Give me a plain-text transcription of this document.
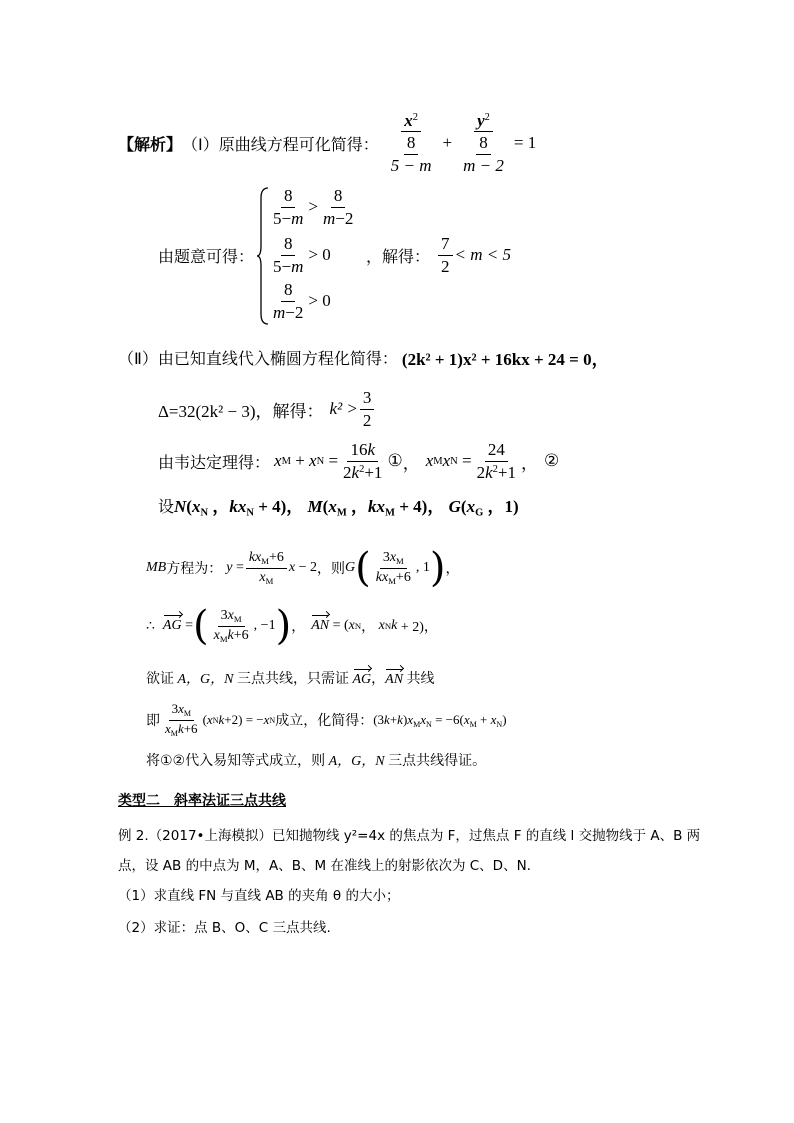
【解析】 （Ⅰ） 原曲线方程可化简得： $\frac{x^2}{\frac{8}{5 - m}} + \frac{y^2}{\frac{8}{m - 2}} = 1$
由题意可得：
$\frac{8}{5-m} > \frac{8}{m-2}$
$\frac{8}{5-m} > 0$
$\frac{8}{m-2} > 0$
，解得： $\frac{7}{2} < m < 5$
（Ⅱ） 由已知直线代入椭圆方程化简得： (2k² + 1)x² + 16kx + 24 = 0，
Δ=32(2k² − 3)，解得： $k^2 > \frac{3}{2}$
由韦达定理得： x M + x $N = \frac{16k}{2k^2+1}$ ① ， x M x $N = \frac{24}{2k^2+1}$ ， ②
设 $N(x_N$ ，$kx_N + 4$)， $M(x_M$ ，$kx_M + 4$)， $G(x_G$ ，1)
MB 方程为： $y = \frac{kx_M+6}{x_M}$ x − 2 ，则 G ( $\frac{3x_M}{kx_M+6}$ , 1 ) ，
∴ AG = ( $\frac{3x_M}{x_Mk+6}$ , −1 ) ， AN = ( x N ， x N k + 2)，
欲证 A，G，N 三点共线，只需证 AG，AN 共线
即 $\frac{3x_M}{x_Mk+6}$ ( x N k +2) = − x N 成立，化简得： $(3k+k)x_Mx_N = -6(x_M + x_N)$
将①②代入易知等式成立，则 A，G，N 三点共线得证。
类型二　斜率法证三点共线
例 2.（2017•上海模拟）已知抛物线 y²=4x 的焦点为 F，过焦点 F 的直线 l 交抛物线于 A、B 两
点，设 AB 的中点为 M，A、B、M 在准线上的射影依次为 C、D、N.
（1）求直线 FN 与直线 AB 的夹角 θ 的大小；
（2）求证：点 B、O、C 三点共线.
